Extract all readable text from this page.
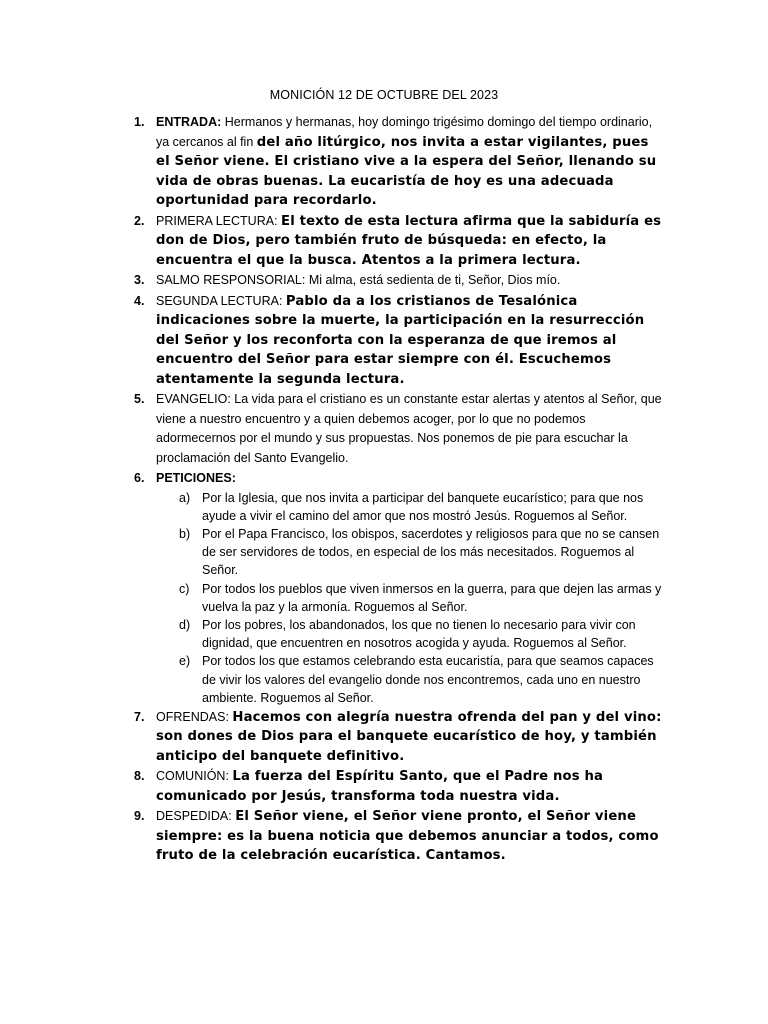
MONICIÓN 12 DE OCTUBRE DEL 2023
1. ENTRADA: Hermanos y hermanas, hoy domingo trigésimo domingo del tiempo ordinario, ya cercanos al fin del año litúrgico, nos invita a estar vigilantes, pues el Señor viene. El cristiano vive a la espera del Señor, llenando su vida de obras buenas. La eucaristía de hoy es una adecuada oportunidad para recordarlo.
2. PRIMERA LECTURA: El texto de esta lectura afirma que la sabiduría es don de Dios, pero también fruto de búsqueda: en efecto, la encuentra el que la busca. Atentos a la primera lectura.
3. SALMO RESPONSORIAL: Mi alma, está sedienta de ti, Señor, Dios mío.
4. SEGUNDA LECTURA: Pablo da a los cristianos de Tesalónica indicaciones sobre la muerte, la participación en la resurrección del Señor y los reconforta con la esperanza de que iremos al encuentro del Señor para estar siempre con él. Escuchemos atentamente la segunda lectura.
5. EVANGELIO: La vida para el cristiano es un constante estar alertas y atentos al Señor, que viene a nuestro encuentro y a quien debemos acoger, por lo que no podemos adormecernos por el mundo y sus propuestas. Nos ponemos de pie para escuchar la proclamación del Santo Evangelio.
6. PETICIONES:
a) Por la Iglesia, que nos invita a participar del banquete eucarístico; para que nos ayude a vivir el camino del amor que nos mostró Jesús. Roguemos al Señor.
b) Por el Papa Francisco, los obispos, sacerdotes y religiosos para que no se cansen de ser servidores de todos, en especial de los más necesitados. Roguemos al Señor.
c) Por todos los pueblos que viven inmersos en la guerra, para que dejen las armas y vuelva la paz y la armonía. Roguemos al Señor.
d) Por los pobres, los abandonados, los que no tienen lo necesario para vivir con dignidad, que encuentren en nosotros acogida y ayuda. Roguemos al Señor.
e) Por todos los que estamos celebrando esta eucaristía, para que seamos capaces de vivir los valores del evangelio donde nos encontremos, cada uno en nuestro ambiente. Roguemos al Señor.
7. OFRENDAS: Hacemos con alegría nuestra ofrenda del pan y del vino: son dones de Dios para el banquete eucarístico de hoy, y también anticipo del banquete definitivo.
8. COMUNIÓN: La fuerza del Espíritu Santo, que el Padre nos ha comunicado por Jesús, transforma toda nuestra vida.
9. DESPEDIDA: El Señor viene, el Señor viene pronto, el Señor viene siempre: es la buena noticia que debemos anunciar a todos, como fruto de la celebración eucarística. Cantamos.
